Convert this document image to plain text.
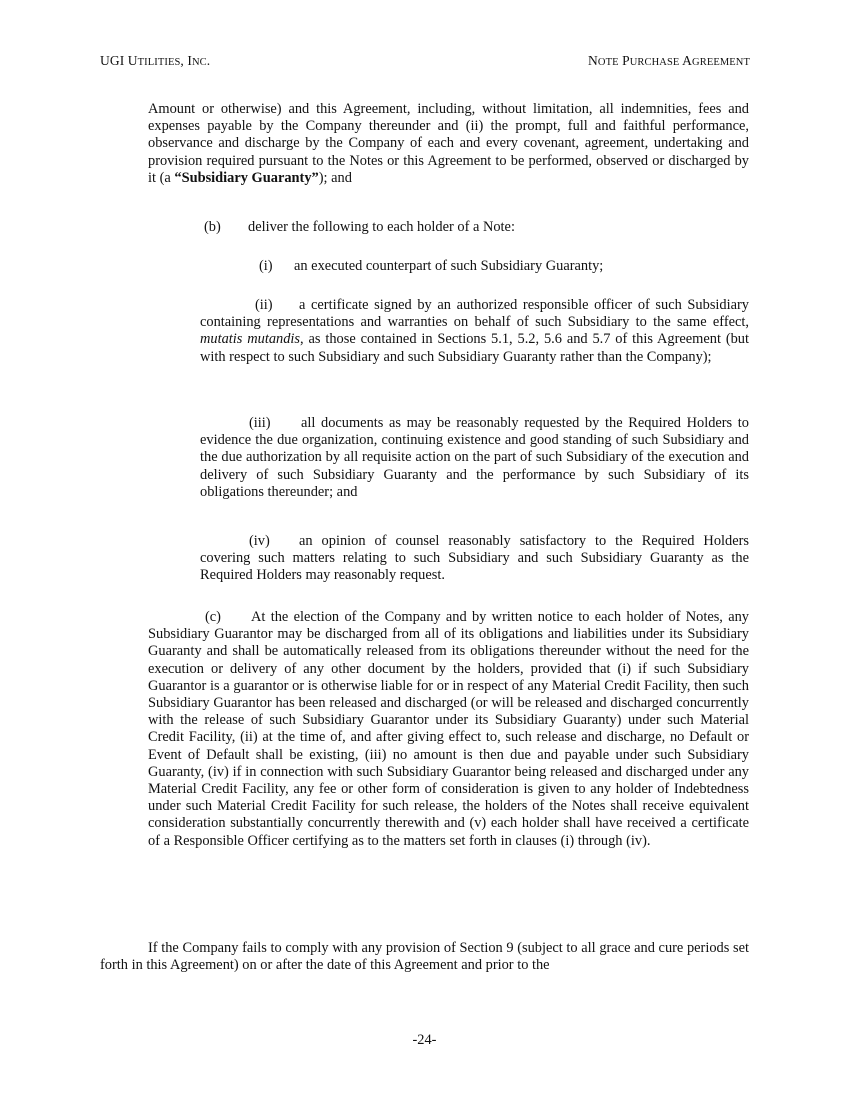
UGI UTILITIES, INC.	NOTE PURCHASE AGREEMENT

Amount or otherwise) and this Agreement, including, without limitation, all indemnities, fees and expenses payable by the Company thereunder and (ii) the prompt, full and faithful performance, observance and discharge by the Company of each and every covenant, agreement, undertaking and provision required pursuant to the Notes or this Agreement to be performed, observed or discharged by it (a “Subsidiary Guaranty”); and

(b) deliver the following to each holder of a Note:

(i) an executed counterpart of such Subsidiary Guaranty;

(ii) a certificate signed by an authorized responsible officer of such Subsidiary containing representations and warranties on behalf of such Subsidiary to the same effect, mutatis mutandis, as those contained in Sections 5.1, 5.2, 5.6 and 5.7 of this Agreement (but with respect to such Subsidiary and such Subsidiary Guaranty rather than the Company);

(iii) all documents as may be reasonably requested by the Required Holders to evidence the due organization, continuing existence and good standing of such Subsidiary and the due authorization by all requisite action on the part of such Subsidiary of the execution and delivery of such Subsidiary Guaranty and the performance by such Subsidiary of its obligations thereunder; and

(iv) an opinion of counsel reasonably satisfactory to the Required Holders covering such matters relating to such Subsidiary and such Subsidiary Guaranty as the Required Holders may reasonably request.

(c) At the election of the Company and by written notice to each holder of Notes, any Subsidiary Guarantor may be discharged from all of its obligations and liabilities under its Subsidiary Guaranty and shall be automatically released from its obligations thereunder without the need for the execution or delivery of any other document by the holders, provided that (i) if such Subsidiary Guarantor is a guarantor or is otherwise liable for or in respect of any Material Credit Facility, then such Subsidiary Guarantor has been released and discharged (or will be released and discharged concurrently with the release of such Subsidiary Guarantor under its Subsidiary Guaranty) under such Material Credit Facility, (ii) at the time of, and after giving effect to, such release and discharge, no Default or Event of Default shall be existing, (iii) no amount is then due and payable under such Subsidiary Guaranty, (iv) if in connection with such Subsidiary Guarantor being released and discharged under any Material Credit Facility, any fee or other form of consideration is given to any holder of Indebtedness under such Material Credit Facility for such release, the holders of the Notes shall receive equivalent consideration substantially concurrently therewith and (v) each holder shall have received a certificate of a Responsible Officer certifying as to the matters set forth in clauses (i) through (iv).

If the Company fails to comply with any provision of Section 9 (subject to all grace and cure periods set forth in this Agreement) on or after the date of this Agreement and prior to the

-24-
